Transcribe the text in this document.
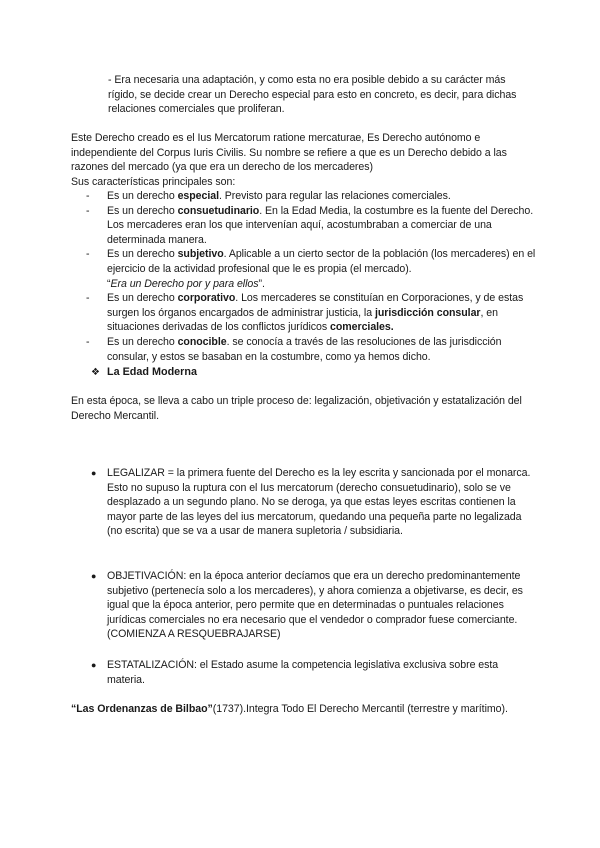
- Era necesaria una adaptación, y como esta no era posible debido a su carácter más rígido, se decide crear un Derecho especial para esto en concreto, es decir, para dichas relaciones comerciales que proliferan.

Este Derecho creado es el Ius Mercatorum ratione mercaturae, Es Derecho autónomo e independiente del Corpus Iuris Civilis. Su nombre se refiere a que es un Derecho debido a las razones del mercado (ya que era un derecho de los mercaderes)

Sus características principales son:

-	Es un derecho especial. Previsto para regular las relaciones comerciales.
-	Es un derecho consuetudinario. En la Edad Media, la costumbre es la fuente del Derecho. Los mercaderes eran los que intervenían aquí, acostumbraban a comerciar de una determinada manera.
-	Es un derecho subjetivo. Aplicable a un cierto sector de la población (los mercaderes) en el ejercicio de la actividad profesional que le es propia (el mercado).
“Era un Derecho por y para ellos”.
-	Es un derecho corporativo. Los mercaderes se constituían en Corporaciones, y de estas surgen los órganos encargados de administrar justicia, la jurisdicción consular, en situaciones derivadas de los conflictos jurídicos comerciales.
-	Es un derecho conocible. se conocía a través de las resoluciones de las jurisdicción consular, y estos se basaban en la costumbre, como ya hemos dicho.
❖ La Edad Moderna

En esta época, se lleva a cabo un triple proceso de: legalización, objetivación y estatalización del Derecho Mercantil.

●	LEGALIZAR = la primera fuente del Derecho es la ley escrita y sancionada por el monarca.
Esto no supuso la ruptura con el Ius mercatorum (derecho consuetudinario), solo se ve desplazado a un segundo plano. No se deroga, ya que estas leyes escritas contienen la mayor parte de las leyes del ius mercatorum, quedando una pequeña parte no legalizada (no escrita) que se va a usar de manera supletoria / subsidiaria.
●	OBJETIVACIÓN: en la época anterior decíamos que era un derecho predominantemente subjetivo (pertenecía solo a los mercaderes), y ahora comienza a objetivarse, es decir, es igual que la época anterior, pero permite que en determinadas o puntuales relaciones jurídicas comerciales no era necesario que el vendedor o comprador fuese comerciante. (COMIENZA A RESQUEBRAJARSE)
●	ESTATALIZACIÓN: el Estado asume la competencia legislativa exclusiva sobre esta materia.

“Las Ordenanzas de Bilbao”(1737).Integra Todo El Derecho Mercantil (terrestre y marítimo).
